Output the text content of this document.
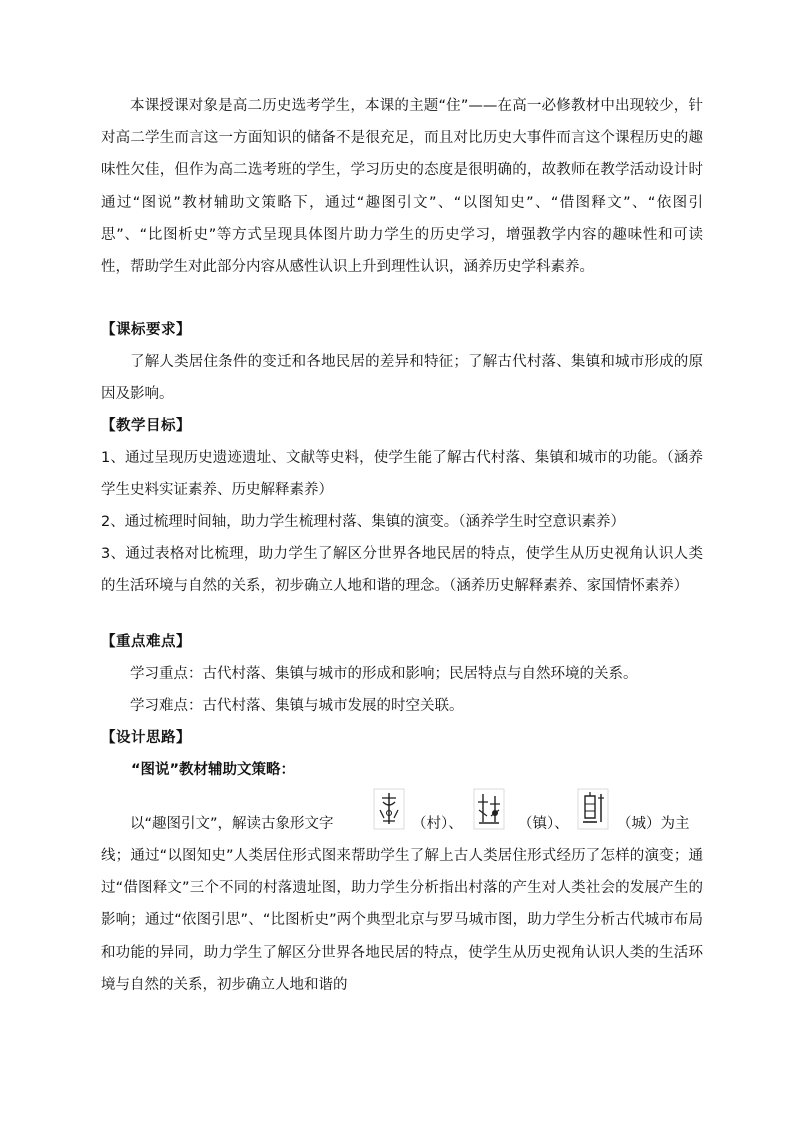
本课授课对象是高二历史选考学生，本课的主题“住”——在高一必修教材中出现较少，针对高二学生而言这一方面知识的储备不是很充足，而且对比历史大事件而言这个课程历史的趣味性欠佳，但作为高二选考班的学生，学习历史的态度是很明确的，故教师在教学活动设计时通过“图说”教材辅助文策略下，通过“趣图引文”、“以图知史”、“借图释文”、“依图引思”、“比图析史”等方式呈现具体图片助力学生的历史学习，增强教学内容的趣味性和可读性，帮助学生对此部分内容从感性认识上升到理性认识，涵养历史学科素养。
【课标要求】
了解人类居住条件的变迁和各地民居的差异和特征；了解古代村落、集镇和城市形成的原因及影响。
【教学目标】
1、通过呈现历史遗迹遗址、文献等史料，使学生能了解古代村落、集镇和城市的功能。（涵养学生史料实证素养、历史解释素养）
2、通过梳理时间轴，助力学生梳理村落、集镇的演变。（涵养学生时空意识素养）
3、通过表格对比梳理，助力学生了解区分世界各地民居的特点，使学生从历史视角认识人类的生活环境与自然的关系，初步确立人地和谐的理念。（涵养历史解释素养、家国情怀素养）
【重点难点】
学习重点：古代村落、集镇与城市的形成和影响；民居特点与自然环境的关系。
学习难点：古代村落、集镇与城市发展的时空关联。
【设计思路】
“图说”教材辅助文策略：
以“趣图引文”，解读古象形文字	（村）、	（镇）、	（城）为主
线；通过“以图知史”人类居住形式图来帮助学生了解上古人类居住形式经历了怎样的演变；通过“借图释文”三个不同的村落遗址图，助力学生分析指出村落的产生对人类社会的发展产生的影响；通过“依图引思”、“比图析史”两个典型北京与罗马城市图，助力学生分析古代城市布局和功能的异同，助力学生了解区分世界各地民居的特点，使学生从历史视角认识人类的生活环境与自然的关系，初步确立人地和谐的
